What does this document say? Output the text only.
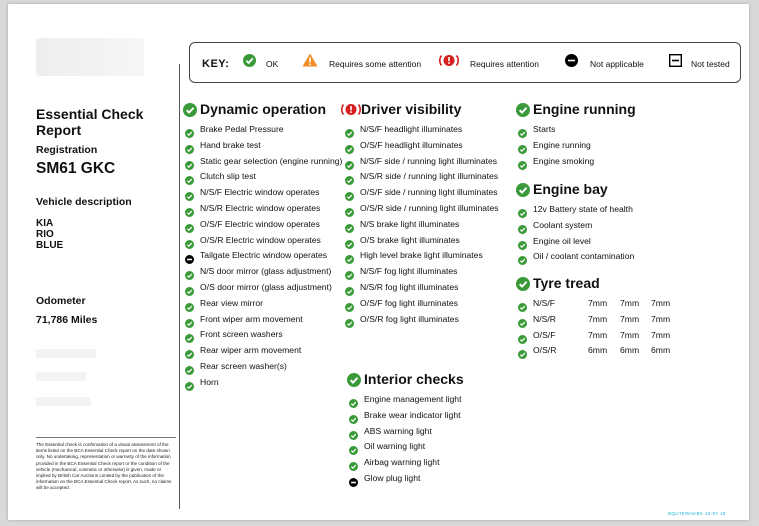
KEY:	OK	Requires some attention	Requires attention	Not applicable	Not tested
Essential Check
Report
Registration
SM61 GKC
Vehicle description
KIA
RIO
BLUE
Odometer
71,786 Miles
The Essential check is confirmation of a visual assessment of the items listed on the BCA Essential Check report on the date shown only. No undertaking, representation or warranty of the information provided in the BCA Essential Check report or the condition of the vehicle (mechanical, cosmetic or otherwise) is given, made or implied by British Car Auctions Limited by the publication of the information on the BCA Essential Check report. As such, no claims will be accepted.
Dynamic operation
Brake Pedal Pressure
Hand brake test
Static gear selection (engine running)
Clutch slip test
N/S/F Electric window operates
N/S/R Electric window operates
O/S/F Electric window operates
O/S/R Electric window operates
Tailgate Electric window operates
N/S door mirror (glass adjustment)
O/S door mirror (glass adjustment)
Rear view mirror
Front wiper arm movement
Front screen washers
Rear wiper arm movement
Rear screen washer(s)
Horn
Driver visibility
N/S/F headlight illuminates
O/S/F headlight illuminates
N/S/F side / running light illuminates
N/S/R side / running light illuminates
O/S/F side / running light illuminates
O/S/R side / running light illuminates
N/S brake light illuminates
O/S brake light illuminates
High level brake light illuminates
N/S/F fog light illuminates
N/S/R fog light illuminates
O/S/F fog light illuminates
O/S/R fog light illuminates
Interior checks
Engine management light
Brake wear indicator light
ABS warning light
Oil warning light
Airbag warning light
Glow plug light
Engine running
Starts
Engine running
Engine smoking
Engine bay
12v Battery state of health
Coolant system
Engine oil level
Oil / coolant contamination
Tyre tread
N/S/F	7mm 7mm 7mm
N/S/R	7mm 7mm 7mm
O/S/F	7mm 7mm 7mm
O/S/R	6mm 6mm 6mm
BQU7EWAKBK 16.07.18
